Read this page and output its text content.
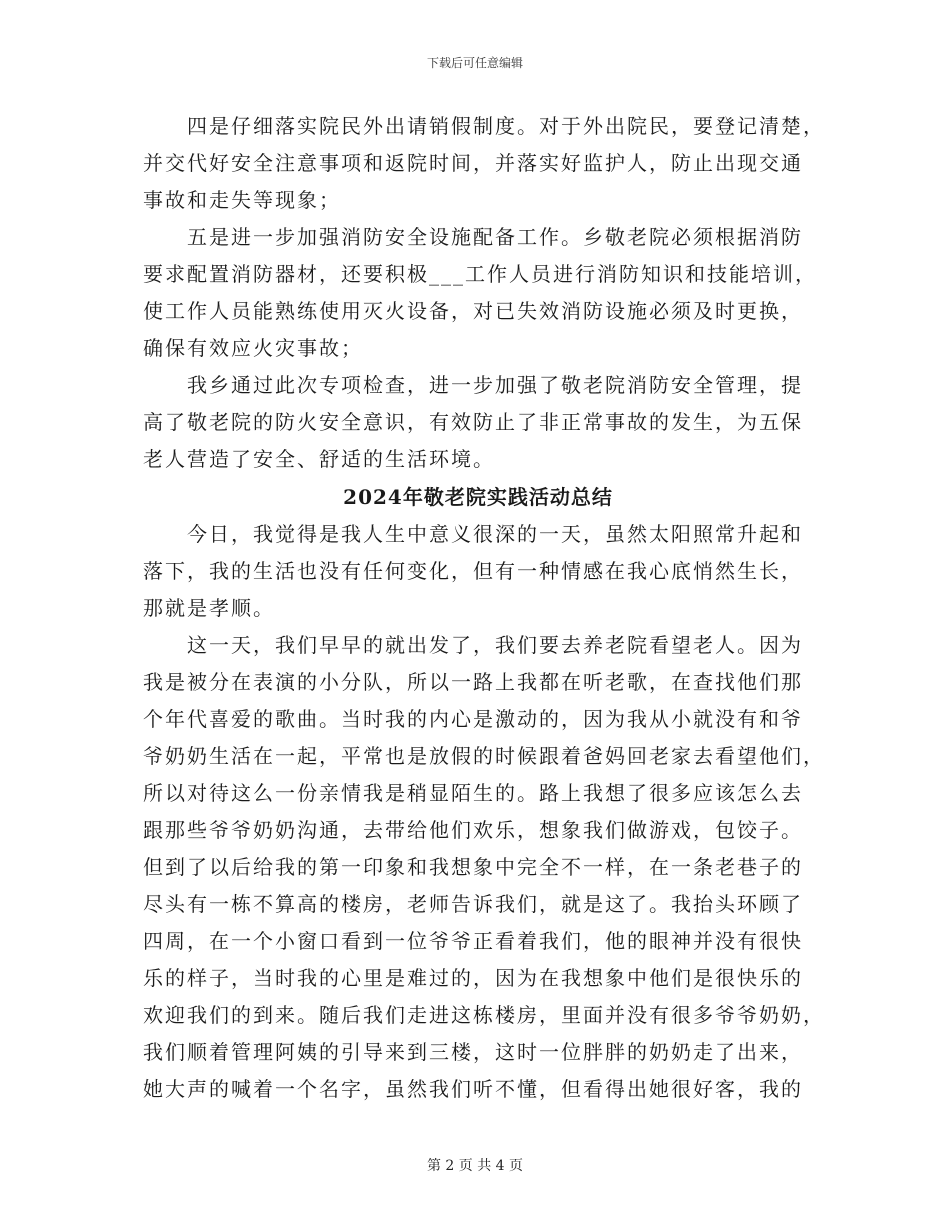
下载后可任意编辑
四是仔细落实院民外出请销假制度。对于外出院民，要登记清楚，
并交代好安全注意事项和返院时间，并落实好监护人，防止出现交通
事故和走失等现象；
五是进一步加强消防安全设施配备工作。乡敬老院必须根据消防
要求配置消防器材，还要积极___工作人员进行消防知识和技能培训，
使工作人员能熟练使用灭火设备，对已失效消防设施必须及时更换，
确保有效应火灾事故；
我乡通过此次专项检查，进一步加强了敬老院消防安全管理，提
高了敬老院的防火安全意识，有效防止了非正常事故的发生，为五保
老人营造了安全、舒适的生活环境。
2024年敬老院实践活动总结
今日，我觉得是我人生中意义很深的一天，虽然太阳照常升起和
落下，我的生活也没有任何变化，但有一种情感在我心底悄然生长，
那就是孝顺。
这一天，我们早早的就出发了，我们要去养老院看望老人。因为
我是被分在表演的小分队，所以一路上我都在听老歌，在查找他们那
个年代喜爱的歌曲。当时我的内心是激动的，因为我从小就没有和爷
爷奶奶生活在一起，平常也是放假的时候跟着爸妈回老家去看望他们，
所以对待这么一份亲情我是稍显陌生的。路上我想了很多应该怎么去
跟那些爷爷奶奶沟通，去带给他们欢乐，想象我们做游戏，包饺子。
但到了以后给我的第一印象和我想象中完全不一样，在一条老巷子的
尽头有一栋不算高的楼房，老师告诉我们，就是这了。我抬头环顾了
四周，在一个小窗口看到一位爷爷正看着我们，他的眼神并没有很快
乐的样子，当时我的心里是难过的，因为在我想象中他们是很快乐的
欢迎我们的到来。随后我们走进这栋楼房，里面并没有很多爷爷奶奶，
我们顺着管理阿姨的引导来到三楼，这时一位胖胖的奶奶走了出来，
她大声的喊着一个名字，虽然我们听不懂，但看得出她很好客，我的
第 2 页 共 4 页
